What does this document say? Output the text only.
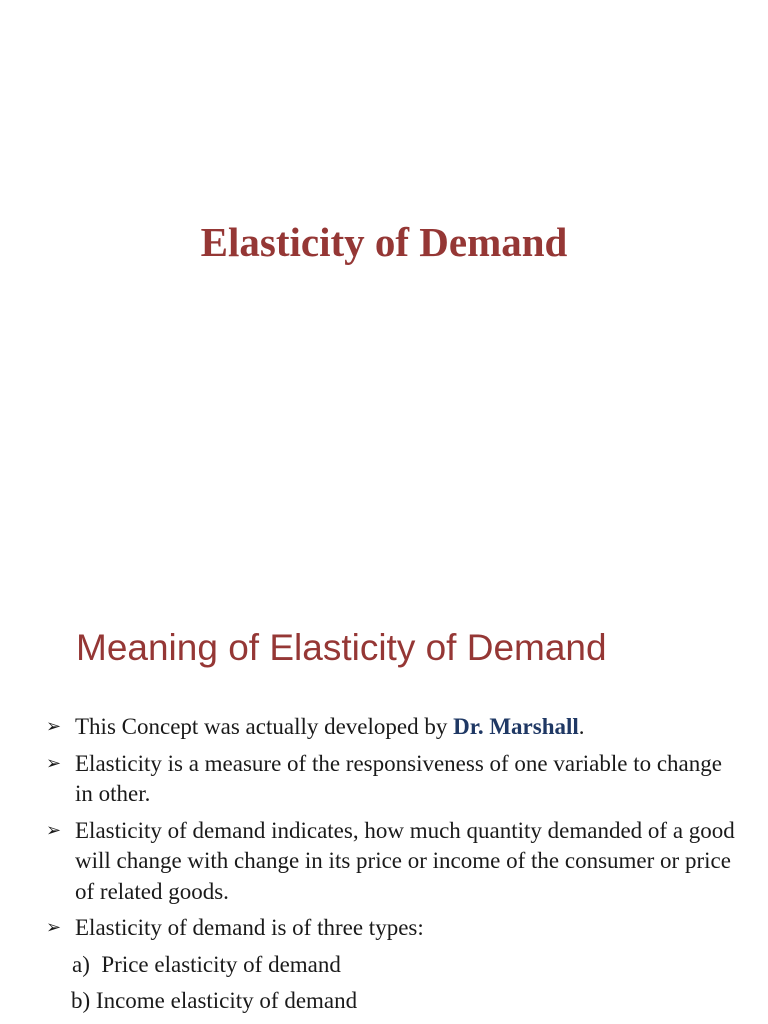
Elasticity of Demand
Meaning of Elasticity of Demand
➢ This Concept was actually developed by Dr. Marshall.
➢ Elasticity is a measure of the responsiveness of one variable to change in other.
➢ Elasticity of demand indicates, how much quantity demanded of a good will change with change in its price or income of the consumer or price of related goods.
➢ Elasticity of demand is of three types:
a) Price elasticity of demand
b) Income elasticity of demand
